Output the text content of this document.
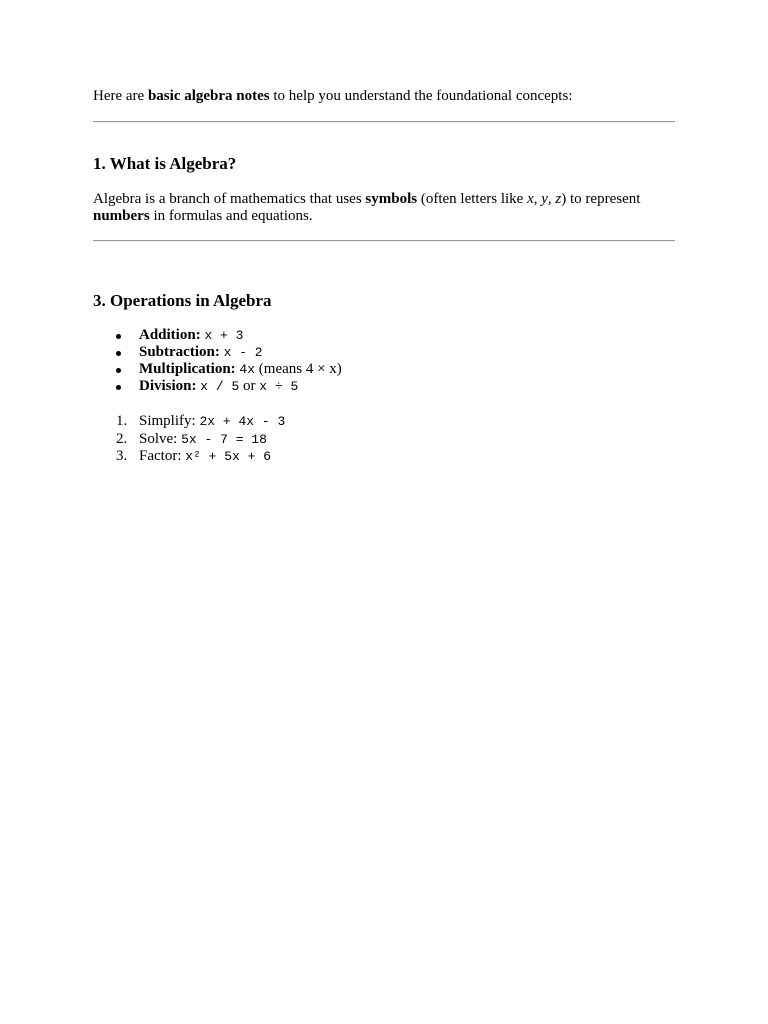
Here are basic algebra notes to help you understand the foundational concepts:

1. What is Algebra?

Algebra is a branch of mathematics that uses symbols (often letters like x, y, z) to represent
numbers in formulas and equations.

3. Operations in Algebra
Addition: x + 3
Subtraction: x - 2
Multiplication: 4x (means 4 × x)
Division: x / 5 or x ÷ 5
1. Simplify: 2x + 4x - 3
2. Solve: 5x - 7 = 18
3. Factor: x² + 5x + 6
